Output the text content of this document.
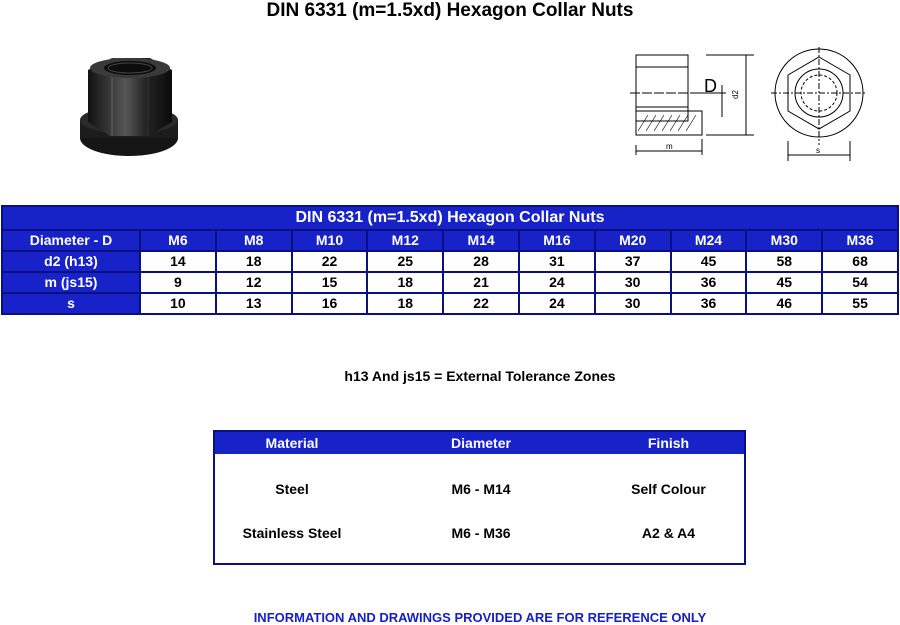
DIN 6331 (m=1.5xd) Hexagon Collar Nuts
D d2
m	s
DIN 6331 (m=1.5xd) Hexagon Collar Nuts										
Diameter - D	M6	M8	M10	M12	M14	M16	M20	M24	M30	M36
d2 (h13)	14	18	22	25	28	31	37	45	58	68
m (js15)	9	12	15	18	21	24	30	36	45	54
s	10	13	16	18	22	24	30	36	46	55
h13 And js15 = External Tolerance Zones
Material	Diameter	Finish
Steel	M6 - M14	Self Colour
Stainless Steel	M6 - M36	A2 & A4
INFORMATION AND DRAWINGS PROVIDED ARE FOR REFERENCE ONLY
